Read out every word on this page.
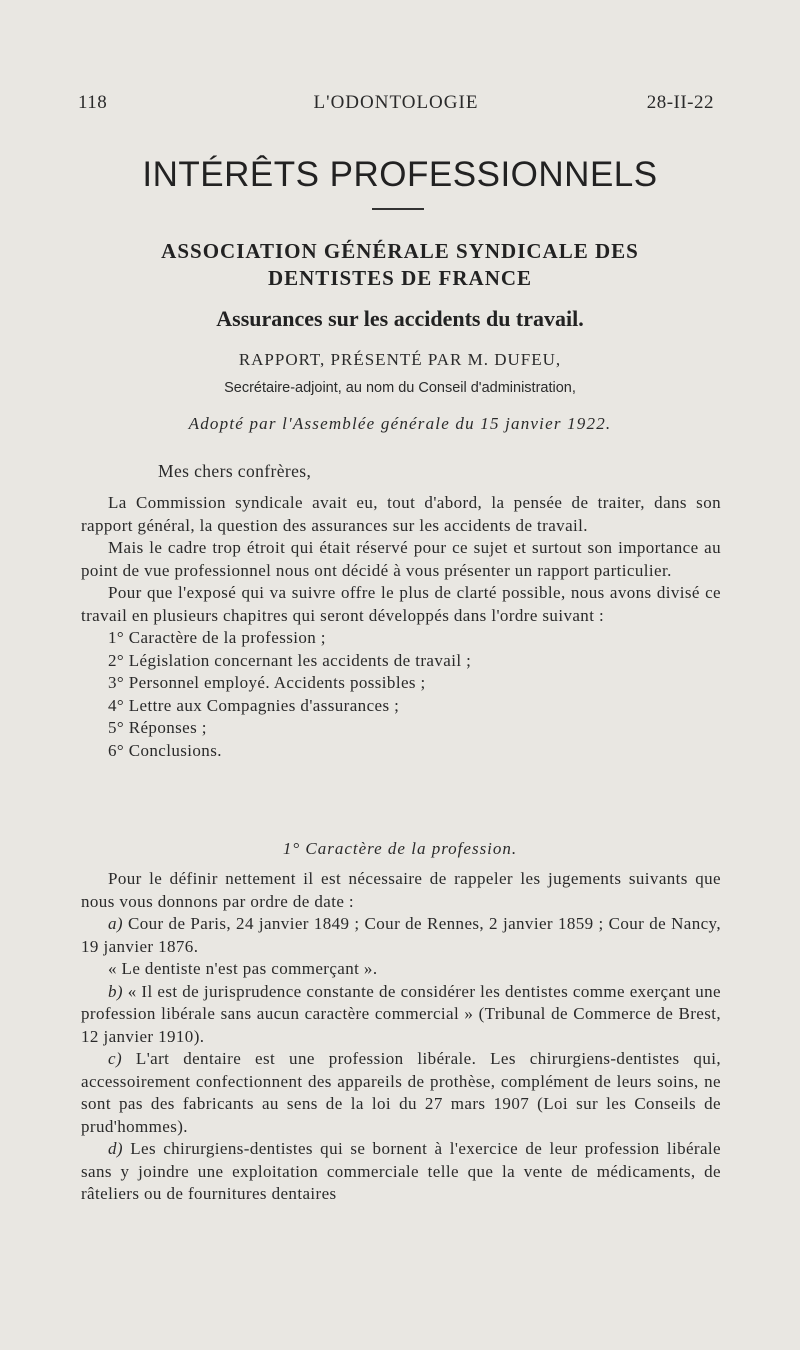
L'ODONTOLOGIE
118	28-II-22
INTÉRÊTS PROFESSIONNELS
ASSOCIATION GÉNÉRALE SYNDICALE DES
DENTISTES DE FRANCE
Assurances sur les accidents du travail.
RAPPORT, PRÉSENTÉ PAR M. DUFEU,
Secrétaire-adjoint, au nom du Conseil d'administration,
Adopté par l'Assemblée générale du 15 janvier 1922.
Mes chers confrères,

La Commission syndicale avait eu, tout d'abord, la pensée de traiter, dans son rapport général, la question des assurances sur les accidents de travail.

Mais le cadre trop étroit qui était réservé pour ce sujet et surtout son importance au point de vue professionnel nous ont décidé à vous présenter un rapport particulier.

Pour que l'exposé qui va suivre offre le plus de clarté possible, nous avons divisé ce travail en plusieurs chapitres qui seront développés dans l'ordre suivant :

1° Caractère de la profession ;
2° Législation concernant les accidents de travail ;
3° Personnel employé. Accidents possibles ;
4° Lettre aux Compagnies d'assurances ;
5° Réponses ;
6° Conclusions.
1° Caractère de la profession.

Pour le définir nettement il est nécessaire de rappeler les jugements suivants que nous vous donnons par ordre de date :

a) Cour de Paris, 24 janvier 1849 ; Cour de Rennes, 2 janvier 1859 ; Cour de Nancy, 19 janvier 1876.

« Le dentiste n'est pas commerçant ».

b) « Il est de jurisprudence constante de considérer les dentistes comme exerçant une profession libérale sans aucun caractère commercial » (Tribunal de Commerce de Brest, 12 janvier 1910).

c) L'art dentaire est une profession libérale. Les chirurgiens-dentistes qui, accessoirement confectionnent des appareils de prothèse, complément de leurs soins, ne sont pas des fabricants au sens de la loi du 27 mars 1907 (Loi sur les Conseils de prud'hommes).

d) Les chirurgiens-dentistes qui se bornent à l'exercice de leur profession libérale sans y joindre une exploitation commerciale telle que la vente de médicaments, de râteliers ou de fournitures dentaires
